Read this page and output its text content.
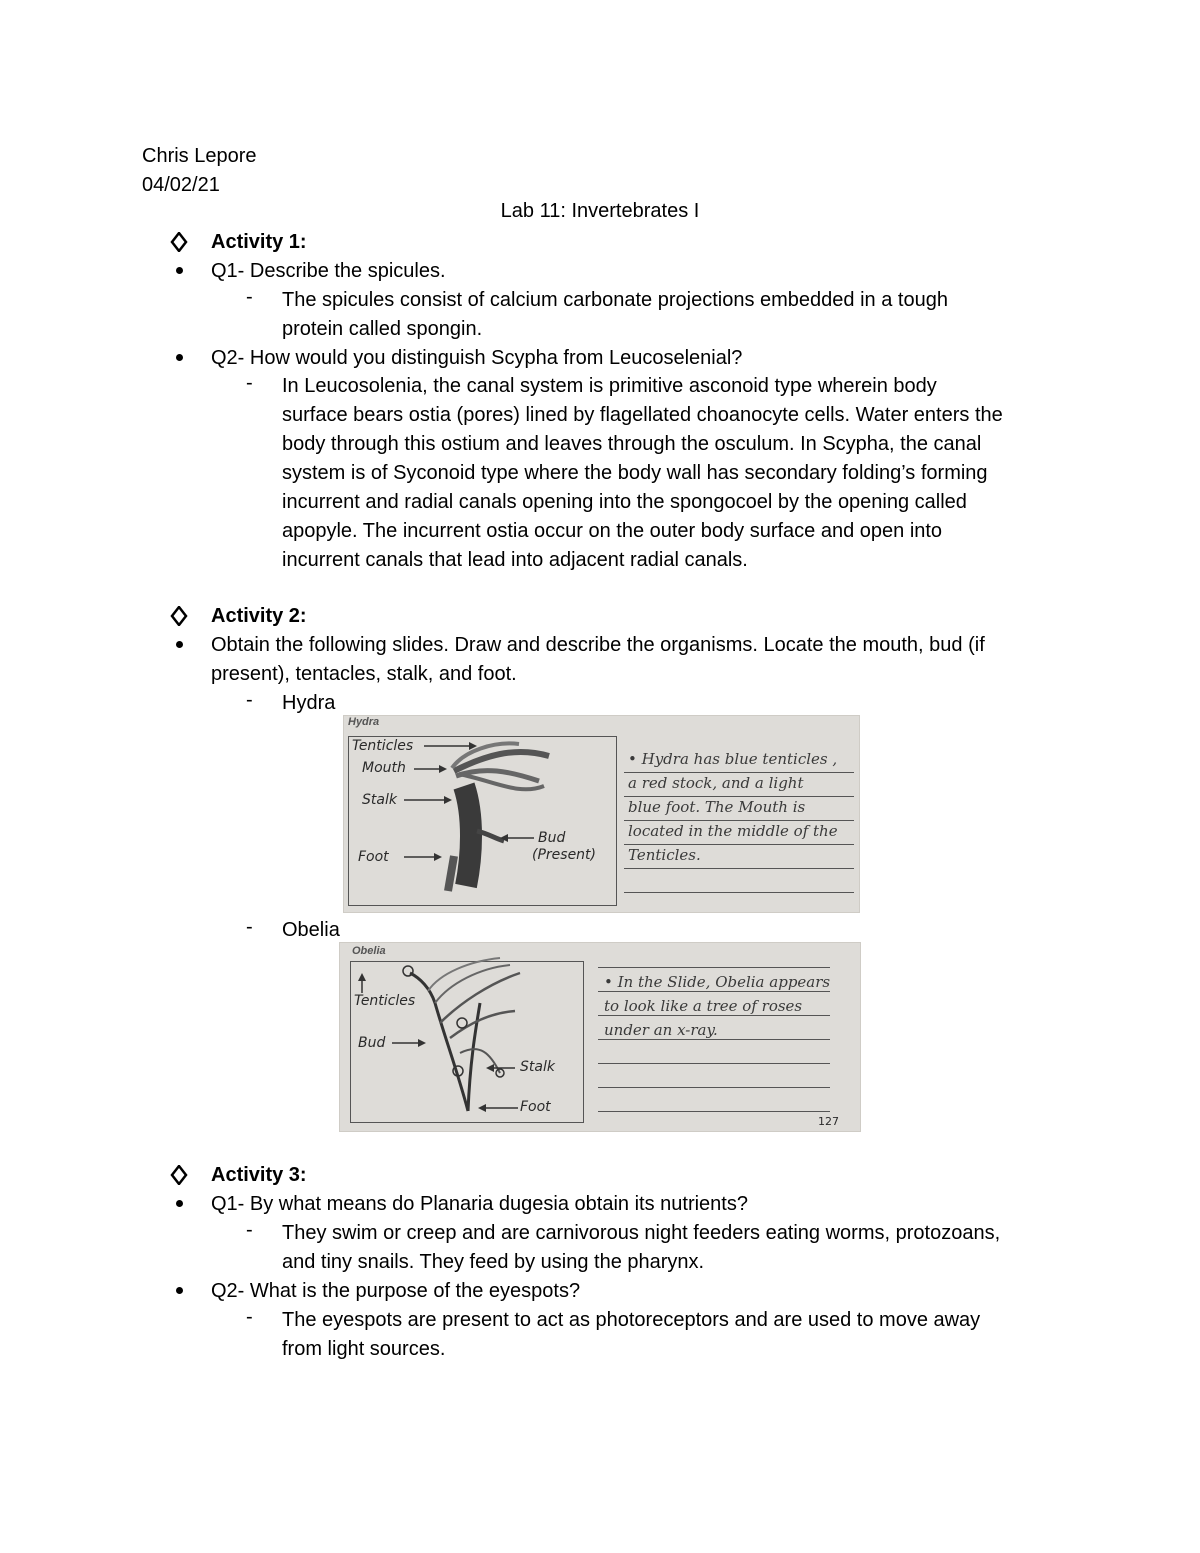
Chris Lepore
04/02/21
Lab 11: Invertebrates I
Activity 1:
Q1- Describe the spicules.
- The spicules consist of calcium carbonate projections embedded in a tough
protein called spongin.
Q2- How would you distinguish Scypha from Leucoselenial?
- In Leucosolenia, the canal system is primitive asconoid type wherein body
surface bears ostia (pores) lined by flagellated choanocyte cells. Water enters the
body through this ostium and leaves through the osculum. In Scypha, the canal
system is of Syconoid type where the body wall has secondary folding’s forming
incurrent and radial canals opening into the spongocoel by the opening called
apopyle. The incurrent ostia occur on the outer body surface and open into
incurrent canals that lead into adjacent radial canals.
Activity 2:
Obtain the following slides. Draw and describe the organisms. Locate the mouth, bud (if
present), tentacles, stalk, and foot.
- Hydra
Hydra
Tenticles
Mouth
Stalk
Foot
Bud
(Present)
• Hydra has blue tenticles ,
a red stock, and a light
blue foot. The Mouth is
located in the middle of the
Tenticles.
- Obelia
Obelia
Tenticles
Bud
Stalk
Foot
• In the Slide, Obelia appears
to look like a tree of roses
under an x-ray.
127
Activity 3:
Q1- By what means do Planaria dugesia obtain its nutrients?
- They swim or creep and are carnivorous night feeders eating worms, protozoans,
and tiny snails. They feed by using the pharynx.
Q2- What is the purpose of the eyespots?
- The eyespots are present to act as photoreceptors and are used to move away
from light sources.
